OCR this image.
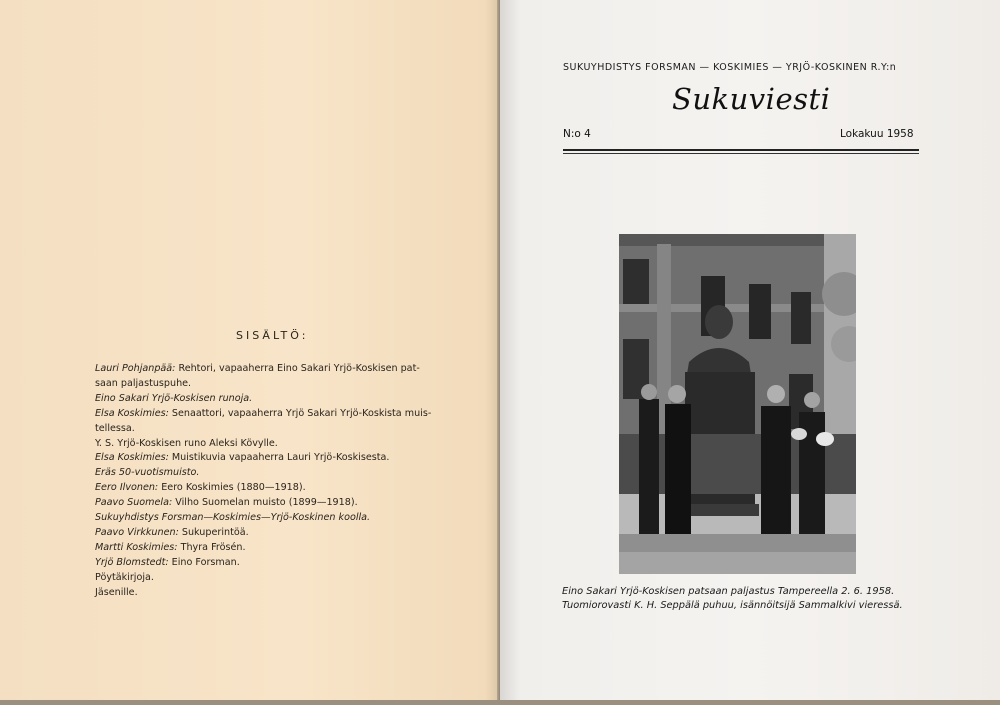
SISÄLTÖ:
Lauri Pohjanpää: Rehtori, vapaaherra Eino Sakari Yrjö-Koskisen pat-
saan paljastuspuhe.
Eino Sakari Yrjö-Koskisen runoja.
Elsa Koskimies: Senaattori, vapaaherra Yrjö Sakari Yrjö-Koskista muis-
tellessa.
Y. S. Yrjö-Koskisen runo Aleksi Kövylle.
Elsa Koskimies: Muistikuvia vapaaherra Lauri Yrjö-Koskisesta.
Eräs 50-vuotismuisto.
Eero Ilvonen: Eero Koskimies (1880—1918).
Paavo Suomela: Vilho Suomelan muisto (1899—1918).
Sukuyhdistys Forsman—Koskimies—Yrjö-Koskinen koolla.
Paavo Virkkunen: Sukuperintöä.
Martti Koskimies: Thyra Frösén.
Yrjö Blomstedt: Eino Forsman.
Pöytäkirjoja.
Jäsenille.
SUKUYHDISTYS FORSMAN — KOSKIMIES — YRJÖ-KOSKINEN R.Y:n
Sukuviesti
N:o 4	Lokakuu 1958
Eino Sakari Yrjö-Koskisen patsaan paljastus Tampereella 2. 6. 1958.
Tuomiorovasti K. H. Seppälä puhuu, isännöitsijä Sammalkivi vieressä.
